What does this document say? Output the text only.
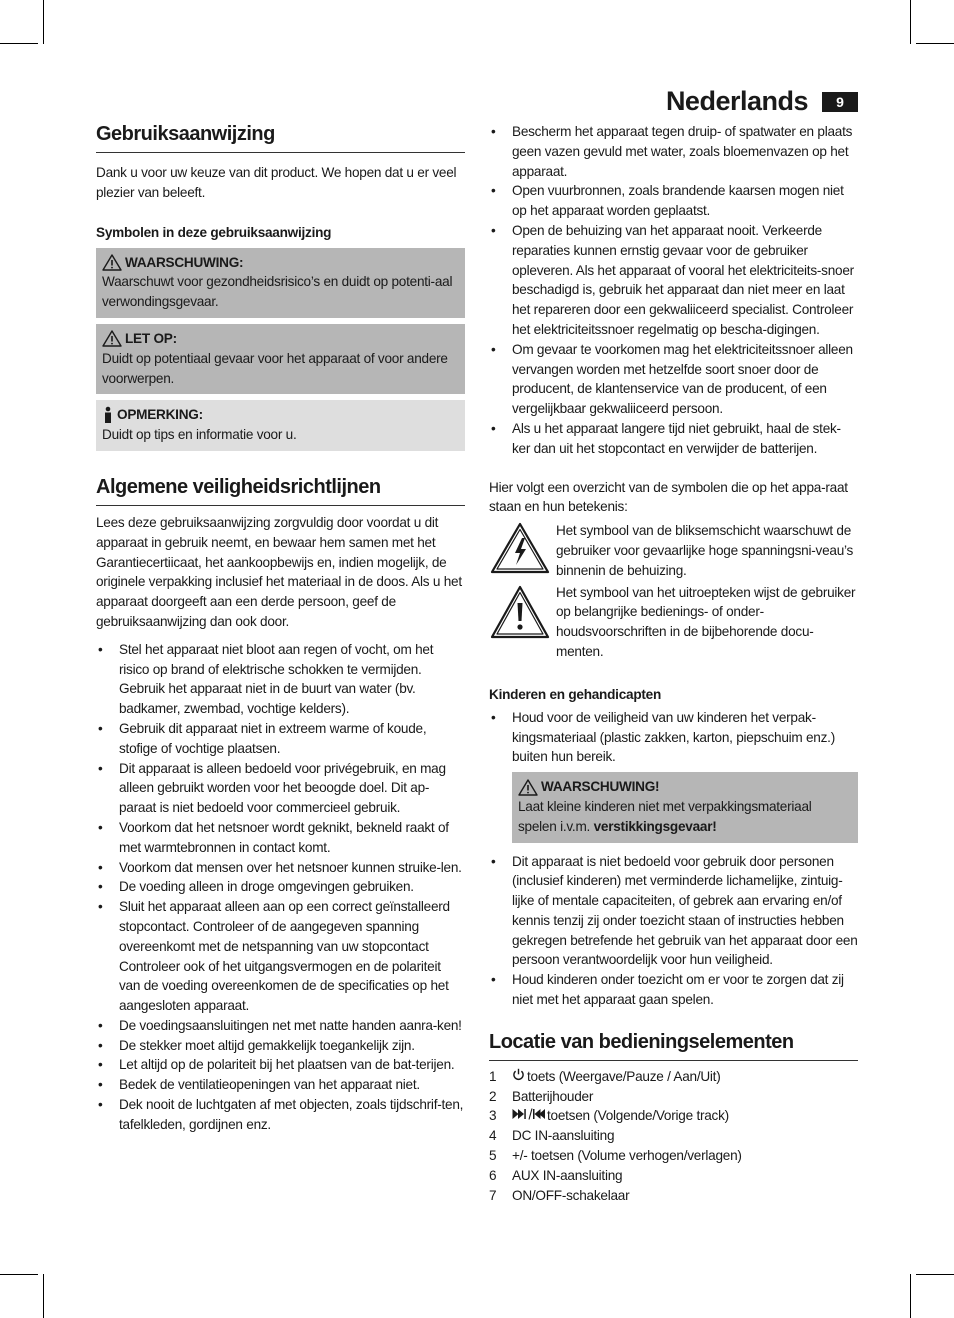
Nederlands	9
Gebruiksaanwijzing

Dank u voor uw keuze van dit product. We hopen dat u er veel plezier van beleeft.

Symbolen in deze gebruiksaanwijzing
WAARSCHUWING:
Waarschuwt voor gezondheidsrisico’s en duidt op potenti-aal verwondingsgevaar.
LET OP:
Duidt op potentiaal gevaar voor het apparaat of voor andere voorwerpen.
OPMERKING:
Duidt op tips en informatie voor u.
Algemene veiligheidsrichtlijnen

Lees deze gebruiksaanwijzing zorgvuldig door voordat u dit apparaat in gebruik neemt, en bewaar hem samen met het Garantiecertiicaat, het aankoopbewijs en, indien mogelijk, de originele verpakking inclusief het materiaal in de doos. Als u het apparaat doorgeeft aan een derde persoon, geef de gebruiksaanwijzing dan ook door.

• Stel het apparaat niet bloot aan regen of vocht, om het risico op brand of elektrische schokken te vermijden. Gebruik het apparaat niet in de buurt van water (bv. badkamer, zwembad, vochtige kelders).
• Gebruik dit apparaat niet in extreem warme of koude, stofige of vochtige plaatsen.
• Dit apparaat is alleen bedoeld voor privégebruik, en mag alleen gebruikt worden voor het beoogde doel. Dit ap-paraat is niet bedoeld voor commercieel gebruik.
• Voorkom dat het netsnoer wordt geknikt, bekneld raakt of met warmtebronnen in contact komt.
• Voorkom dat mensen over het netsnoer kunnen struike-len.
• De voeding alleen in droge omgevingen gebruiken.
• Sluit het apparaat alleen aan op een correct geïnstalleerd stopcontact. Controleer of de aangegeven spanning overeenkomt met de netspanning van uw stopcontact Controleer ook of het uitgangsvermogen en de polariteit van de voeding overeenkomen de de specificaties op het aangesloten apparaat.
• De voedingsaansluitingen net met natte handen aanra-ken!
• De stekker moet altijd gemakkelijk toegankelijk zijn.
• Let altijd op de polariteit bij het plaatsen van de bat-terijen.
• Bedek de ventilatieopeningen van het apparaat niet.
• Dek nooit de luchtgaten af met objecten, zoals tijdschrif-ten, tafelkleden, gordijnen enz.
• Bescherm het apparaat tegen druip- of spatwater en plaats geen vazen gevuld met water, zoals bloemenvazen op het apparaat.
• Open vuurbronnen, zoals brandende kaarsen mogen niet op het apparaat worden geplaatst.
• Open de behuizing van het apparaat nooit. Verkeerde reparaties kunnen ernstig gevaar voor de gebruiker opleveren. Als het apparaat of vooral het elektriciteits-snoer beschadigd is, gebruik het apparaat dan niet meer en laat het repareren door een gekwaliiceerd specialist. Controleer het elektriciteitssnoer regelmatig op bescha-digingen.
• Om gevaar te voorkomen mag het elektriciteitssnoer alleen vervangen worden met hetzelfde soort snoer door de producent, de klantenservice van de producent, of een vergelijkbaar gekwaliiceerd persoon.
• Als u het apparaat langere tijd niet gebruikt, haal de stek-ker dan uit het stopcontact en verwijder de batterijen.

Hier volgt een overzicht van de symbolen die op het appa-raat staan en hun betekenis:

Het symbool van de bliksemschicht waarschuwt de gebruiker voor gevaarlijke hoge spanningsni-veau’s binnenin de behuizing.

Het symbool van het uitroepteken wijst de gebruiker op belangrijke bedienings- of onder-houdsvoorschriften in de bijbehorende docu-menten.

Kinderen en gehandicapten
• Houd voor de veiligheid van uw kinderen het verpak-kingsmateriaal (plastic zakken, karton, piepschuim enz.) buiten hun bereik.
WAARSCHUWING!
Laat kleine kinderen niet met verpakkingsmateriaal spelen i.v.m. verstikkingsgevaar!
• Dit apparaat is niet bedoeld voor gebruik door personen (inclusief kinderen) met verminderde lichamelijke, zintuig-lijke of mentale capaciteiten, of gebrek aan ervaring en/of kennis tenzij zij onder toezicht staan of instructies hebben gekregen betrefende het gebruik van het apparaat door een persoon verantwoordelijk voor hun veiligheid.
• Houd kinderen onder toezicht om er voor te zorgen dat zij niet met het apparaat gaan spelen.
Locatie van bedieningselementen
1	toets (Weergave/Pauze / Aan/Uit)
2	Batterijhouder
3	toetsen (Volgende/Vorige track)
4	DC IN-aansluiting
5	+/- toetsen (Volume verhogen/verlagen)
6	AUX IN-aansluiting
7	ON/OFF-schakelaar
